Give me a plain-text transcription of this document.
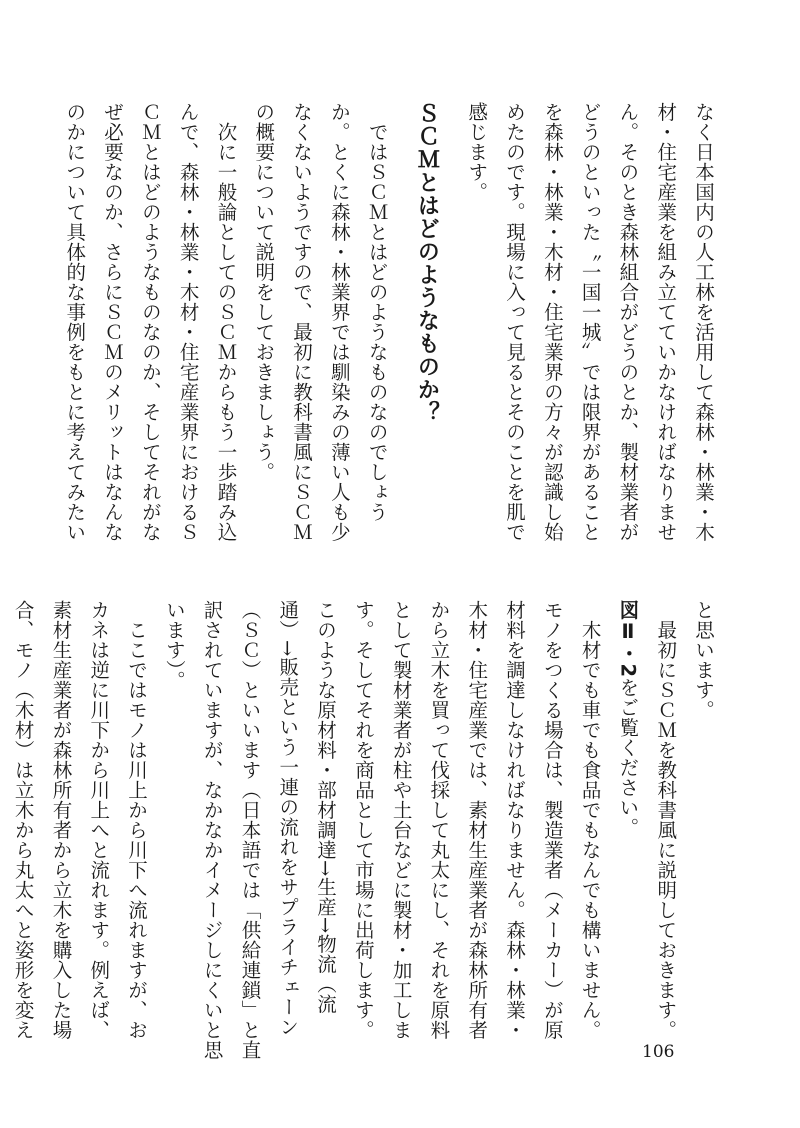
なく日本国内の人工林を活用して森林・林業・木
材・住宅産業を組み立てていかなければなりませ
ん。そのとき森林組合がどうのとか、製材業者が
どうのといった〝一国一城〟では限界があること
を森林・林業・木材・住宅業界の方々が認識し始
めたのです。現場に入って見るとそのことを肌で
感じます。
ＳＣＭとはどのようなものか？
　ではＳＣＭとはどのようなものなのでしょう
か。とくに森林・林業界では馴染みの薄い人も少
なくないようですので、最初に教科書風にＳＣＭ
の概要について説明をしておきましょう。
　次に一般論としてのＳＣＭからもう一歩踏み込
んで、森林・林業・木材・住宅産業界におけるＳ
ＣＭとはどのようなものなのか、そしてそれがな
ぜ必要なのか、さらにＳＣＭのメリットはなんな
のかについて具体的な事例をもとに考えてみたい
と思います。
　最初にＳＣＭを教科書風に説明しておきます。
図Ⅱ・2をご覧ください。
　木材でも車でも食品でもなんでも構いません。
モノをつくる場合は、製造業者（メーカー）が原
材料を調達しなければなりません。森林・林業・
木材・住宅産業では、素材生産業者が森林所有者
から立木を買って伐採して丸太にし、それを原料
として製材業者が柱や土台などに製材・加工しま
す。そしてそれを商品として市場に出荷します。
このような原材料・部材調達→生産→物流（流
通）→販売という一連の流れをサプライチェーン
（ＳＣ）といいます（日本語では「供給連鎖」と直
訳されていますが、なかなかイメージしにくいと思
います）。
　ここではモノは川上から川下へ流れますが、お
カネは逆に川下から川上へと流れます。例えば、
素材生産業者が森林所有者から立木を購入した場
合、モノ（木材）は立木から丸太へと姿形を変え
106
